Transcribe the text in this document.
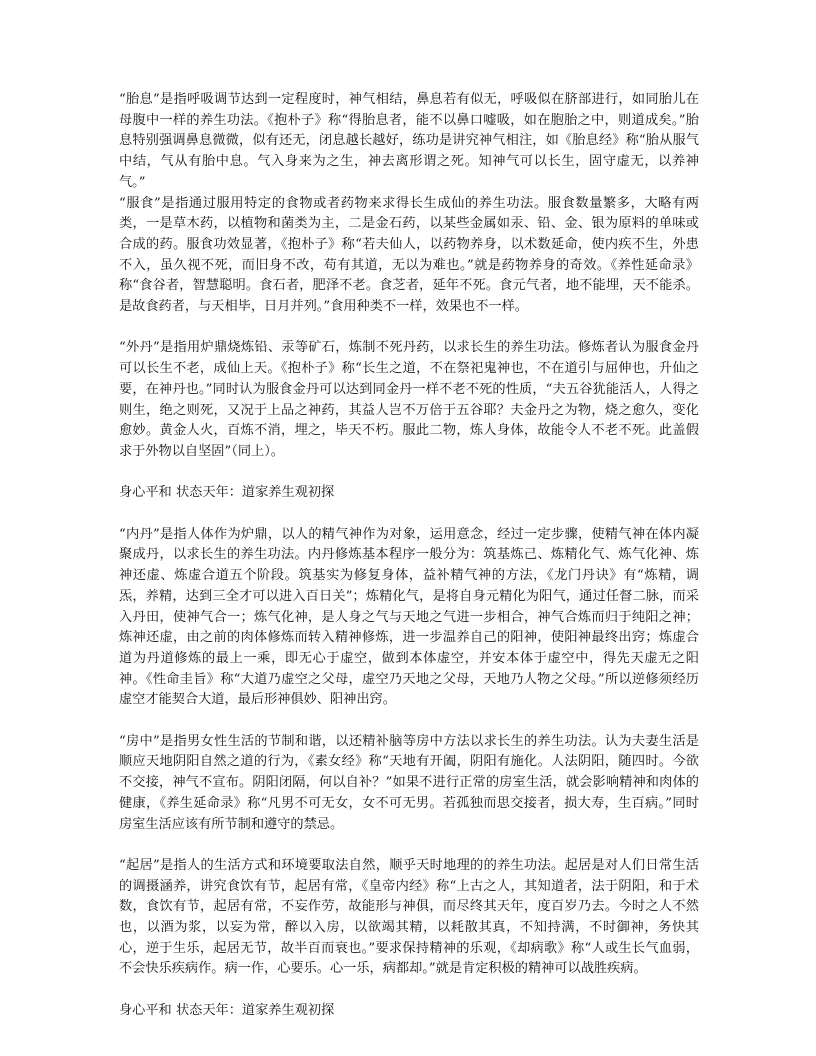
“胎息”是指呼吸调节达到一定程度时，神气相结，鼻息若有似无，呼吸似在脐部进行，如同胎儿在母腹中一样的养生功法。《抱朴子》称“得胎息者，能不以鼻口嘘吸，如在胞胎之中，则道成矣。”胎息特别强调鼻息微微，似有还无，闭息越长越好，练功是讲究神气相注，如《胎息经》称“胎从服气中结，气从有胎中息。气入身来为之生，神去离形谓之死。知神气可以长生，固守虚无，以养神气。”

“服食”是指通过服用特定的食物或者药物来求得长生成仙的养生功法。服食数量繁多，大略有两类，一是草木药，以植物和菌类为主，二是金石药，以某些金属如汞、铅、金、银为原料的单味或合成的药。服食功效显著，《抱朴子》称“若夫仙人，以药物养身，以术数延命，使内疾不生，外患不入，虽久视不死，而旧身不改，苟有其道，无以为难也。”就是药物养身的奇效。《养性延命录》称“食谷者，智慧聪明。食石者，肥泽不老。食芝者，延年不死。食元气者，地不能埋，天不能杀。是故食药者，与天相毕，日月并列。”食用种类不一样，效果也不一样。

“外丹”是指用炉鼎烧炼铅、汞等矿石，炼制不死丹药，以求长生的养生功法。修炼者认为服食金丹可以长生不老，成仙上天。《抱朴子》称“长生之道，不在祭祀鬼神也，不在道引与屈伸也，升仙之要，在神丹也。”同时认为服食金丹可以达到同金丹一样不老不死的性质，“夫五谷犹能活人，人得之则生，绝之则死，又况于上品之神药，其益人岂不万倍于五谷耶？夫金丹之为物，烧之愈久，变化愈妙。黄金人火，百炼不消，埋之，毕天不朽。服此二物，炼人身体，故能令人不老不死。此盖假求于外物以自坚固”（同上）。

身心平和 状态天年：道家养生观初探

“内丹”是指人体作为炉鼎，以人的精气神作为对象，运用意念，经过一定步骤，使精气神在体内凝聚成丹，以求长生的养生功法。内丹修炼基本程序一般分为：筑基炼己、炼精化气、炼气化神、炼神还虚、炼虚合道五个阶段。筑基实为修复身体，益补精气神的方法，《龙门丹诀》有“炼精，调炁，养精，达到三全才可以进入百日关”；炼精化气，是将自身元精化为阳气，通过任督二脉，而采入丹田，使神气合一；炼气化神，是人身之气与天地之气进一步相合，神气合炼而归于纯阳之神；炼神还虚，由之前的肉体修炼而转入精神修炼，进一步温养自己的阳神，使阳神最终出窍；炼虚合道为丹道修炼的最上一乘，即无心于虚空，做到本体虚空，并安本体于虚空中，得先天虚无之阳神。《性命圭旨》称“大道乃虚空之父母，虚空乃天地之父母，天地乃人物之父母。”所以逆修须经历虚空才能契合大道，最后形神俱妙、阳神出窍。

“房中”是指男女性生活的节制和谐，以还精补脑等房中方法以求长生的养生功法。认为夫妻生活是顺应天地阴阳自然之道的行为，《素女经》称“天地有开阖，阴阳有施化。人法阴阳，随四时。今欲不交接，神气不宣布。阴阳闭隔，何以自补？”如果不进行正常的房室生活，就会影响精神和肉体的健康，《养生延命录》称“凡男不可无女，女不可无男。若孤独而思交接者，损大寿，生百病。”同时房室生活应该有所节制和遵守的禁忌。

“起居”是指人的生活方式和环境要取法自然，顺乎天时地理的的养生功法。起居是对人们日常生活的调摄涵养，讲究食饮有节，起居有常，《皇帝内经》称“上古之人，其知道者，法于阴阳，和于术数，食饮有节，起居有常，不妄作劳，故能形与神俱，而尽终其天年，度百岁乃去。今时之人不然也，以酒为浆，以妄为常，醉以入房，以欲竭其精，以耗散其真，不知持满，不时御神，务快其心，逆于生乐，起居无节，故半百而衰也。”要求保持精神的乐观，《却病歌》称“人或生长气血弱，不会快乐疾病作。病一作，心要乐。心一乐，病都却。”就是肯定积极的精神可以战胜疾病。

身心平和 状态天年：道家养生观初探
